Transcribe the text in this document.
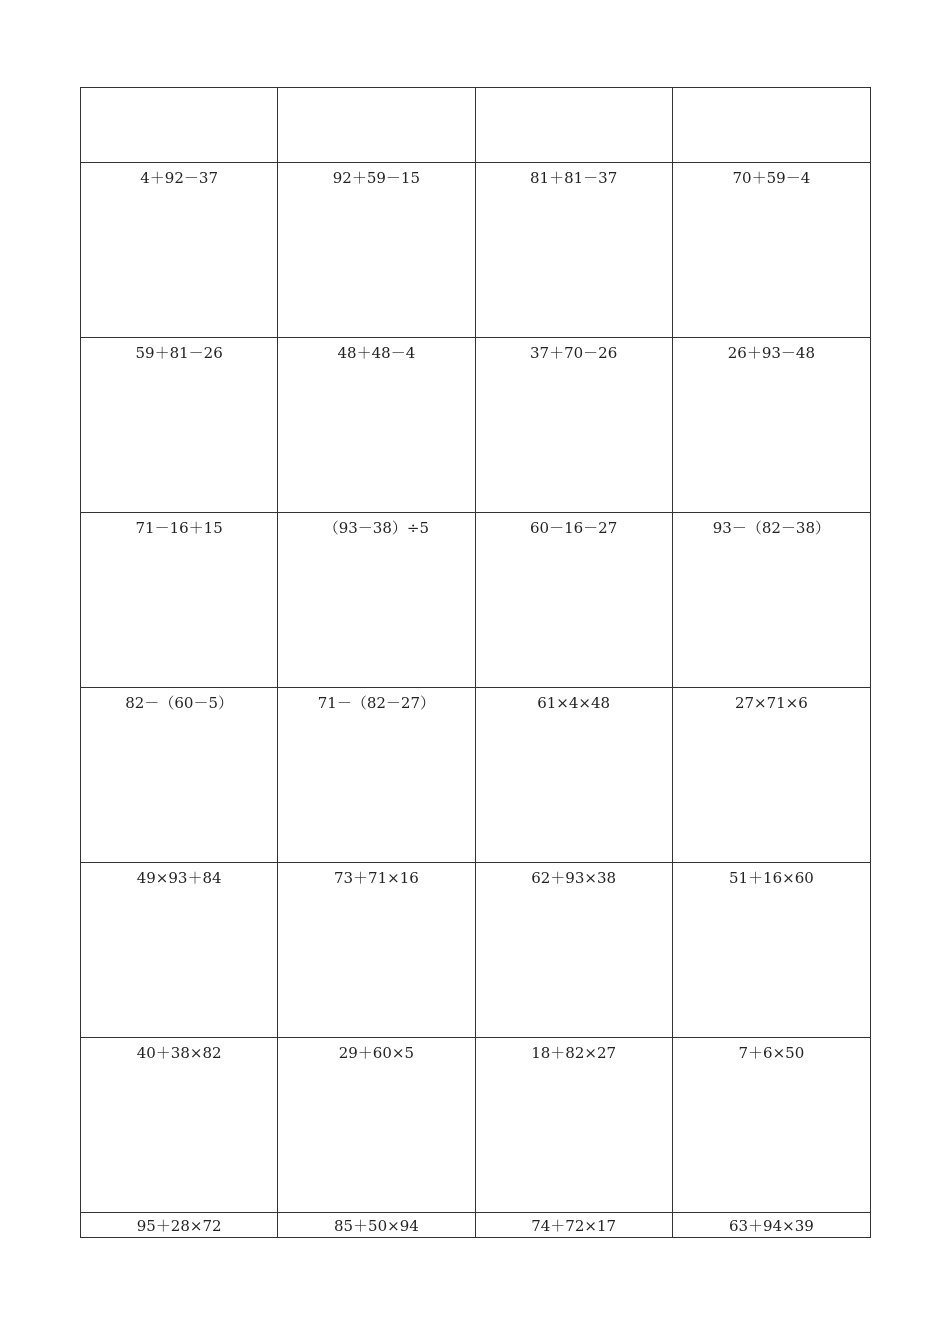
4＋92－37	92＋59－15	81＋81－37	70＋59－4
59＋81－26	48＋48－4	37＋70－26	26＋93－48
71－16＋15	（93－38）÷5	60－16－27	93－（82－38）
82－（60－5）	71－（82－27）	61×4×48	27×71×6
49×93＋84	73＋71×16	62＋93×38	51＋16×60
40＋38×82	29＋60×5	18＋82×27	7＋6×50
95＋28×72	85＋50×94	74＋72×17	63＋94×39
